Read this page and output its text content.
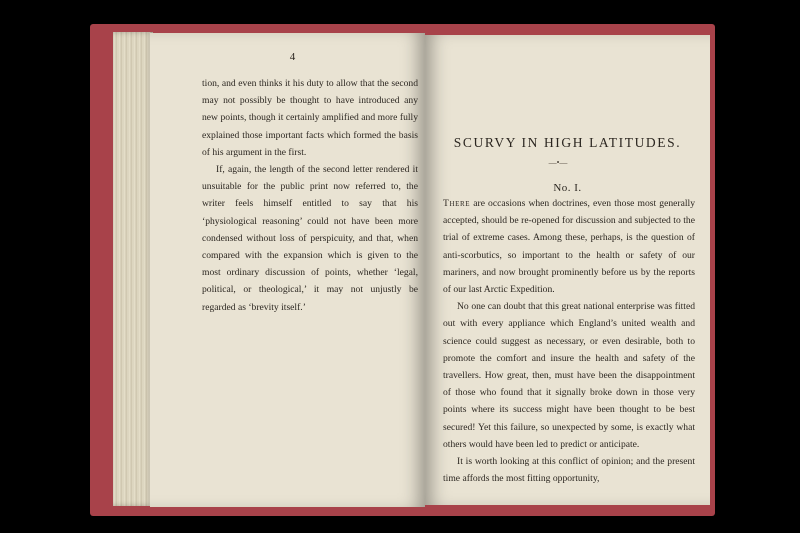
4

tion, and even thinks it his duty to allow that the second may not possibly be thought to have introduced any new points, though it certainly amplified and more fully explained those important facts which formed the basis of his argument in the first.

If, again, the length of the second letter rendered it unsuitable for the public print now referred to, the writer feels himself entitled to say that his ‘physiological reasoning’ could not have been more condensed without loss of perspicuity, and that, when compared with the expansion which is given to the most ordinary discussion of points, whether ‘legal, political, or theological,’ it may not unjustly be regarded as ‘brevity itself.’

SCURVY IN HIGH LATITUDES.
—•—
No. I.

There are occasions when doctrines, even those most generally accepted, should be re-opened for discussion and subjected to the trial of extreme cases. Among these, perhaps, is the question of anti-scorbutics, so important to the health or safety of our mariners, and now brought prominently before us by the reports of our last Arctic Expedition.

No one can doubt that this great national enterprise was fitted out with every appliance which England’s united wealth and science could suggest as necessary, or even desirable, both to promote the comfort and insure the health and safety of the travellers. How great, then, must have been the disappointment of those who found that it signally broke down in those very points where its success might have been thought to be best secured! Yet this failure, so unexpected by some, is exactly what others would have been led to predict or anticipate.

It is worth looking at this conflict of opinion; and the present time affords the most fitting opportunity,
